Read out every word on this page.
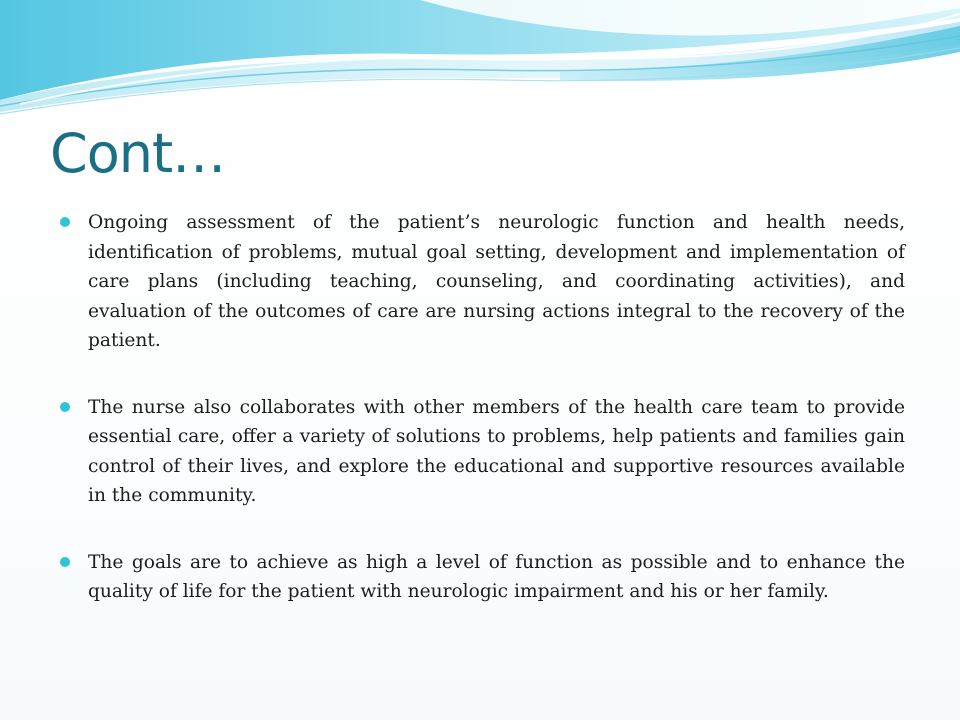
Cont…
Ongoing assessment of the patient’s neurologic function and health needs, identification of problems, mutual goal setting, development and implementation of care plans (including teaching, counseling, and coordinating activities), and evaluation of the outcomes of care are nursing actions integral to the recovery of the patient.
The nurse also collaborates with other members of the health care team to provide essential care, offer a variety of solutions to problems, help patients and families gain control of their lives, and explore the educational and supportive resources available in the community.
The goals are to achieve as high a level of function as possible and to enhance the quality of life for the patient with neurologic impairment and his or her family.
